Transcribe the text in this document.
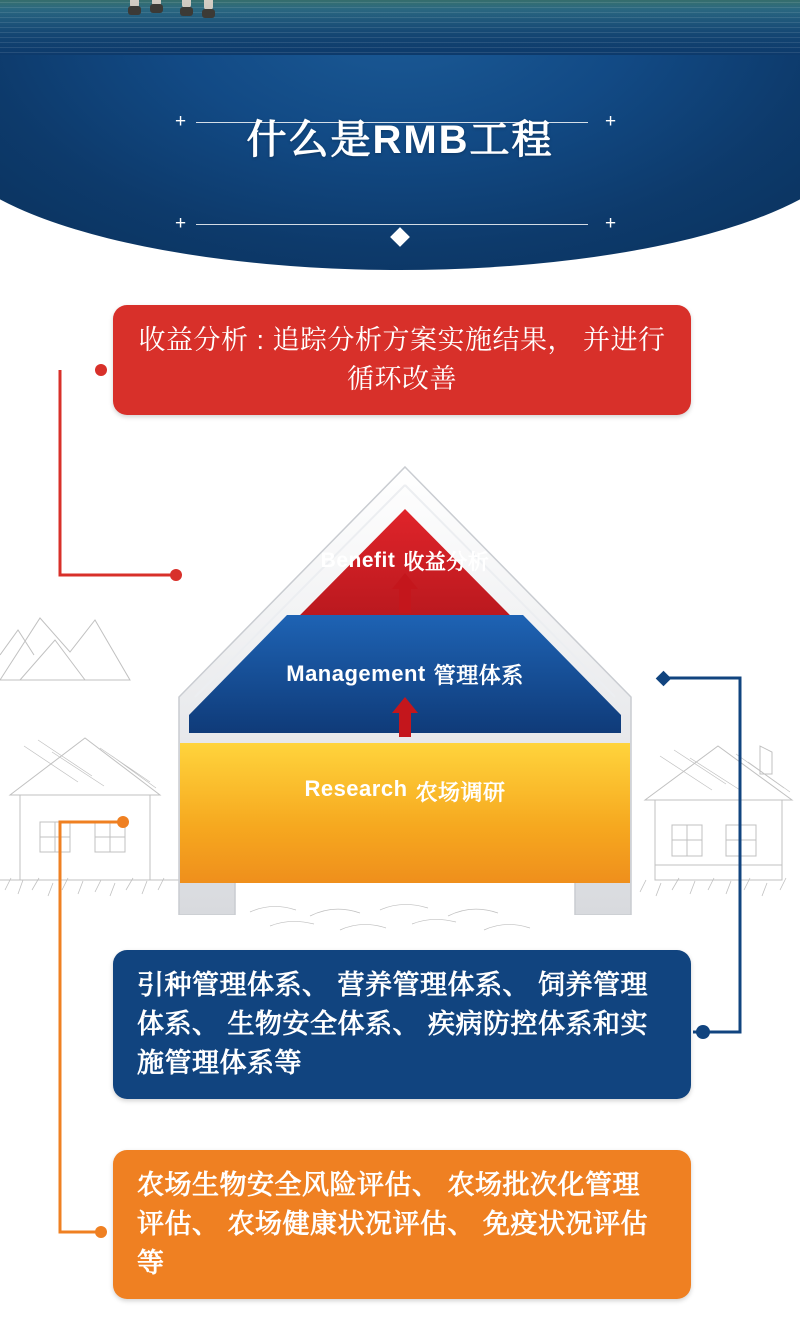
+	+
+	+
什么是RMB工程
收益分析 : 追踪分析方案实施结果， 并进行循环改善
引种管理体系、 营养管理体系、 饲养管理体系、 生物安全体系、 疾病防控体系和实施管理体系等
农场生物安全风险评估、 农场批次化管理评估、 农场健康状况评估、 免疫状况评估等
Benefit 收益分析
Management 管理体系
Research 农场调研
